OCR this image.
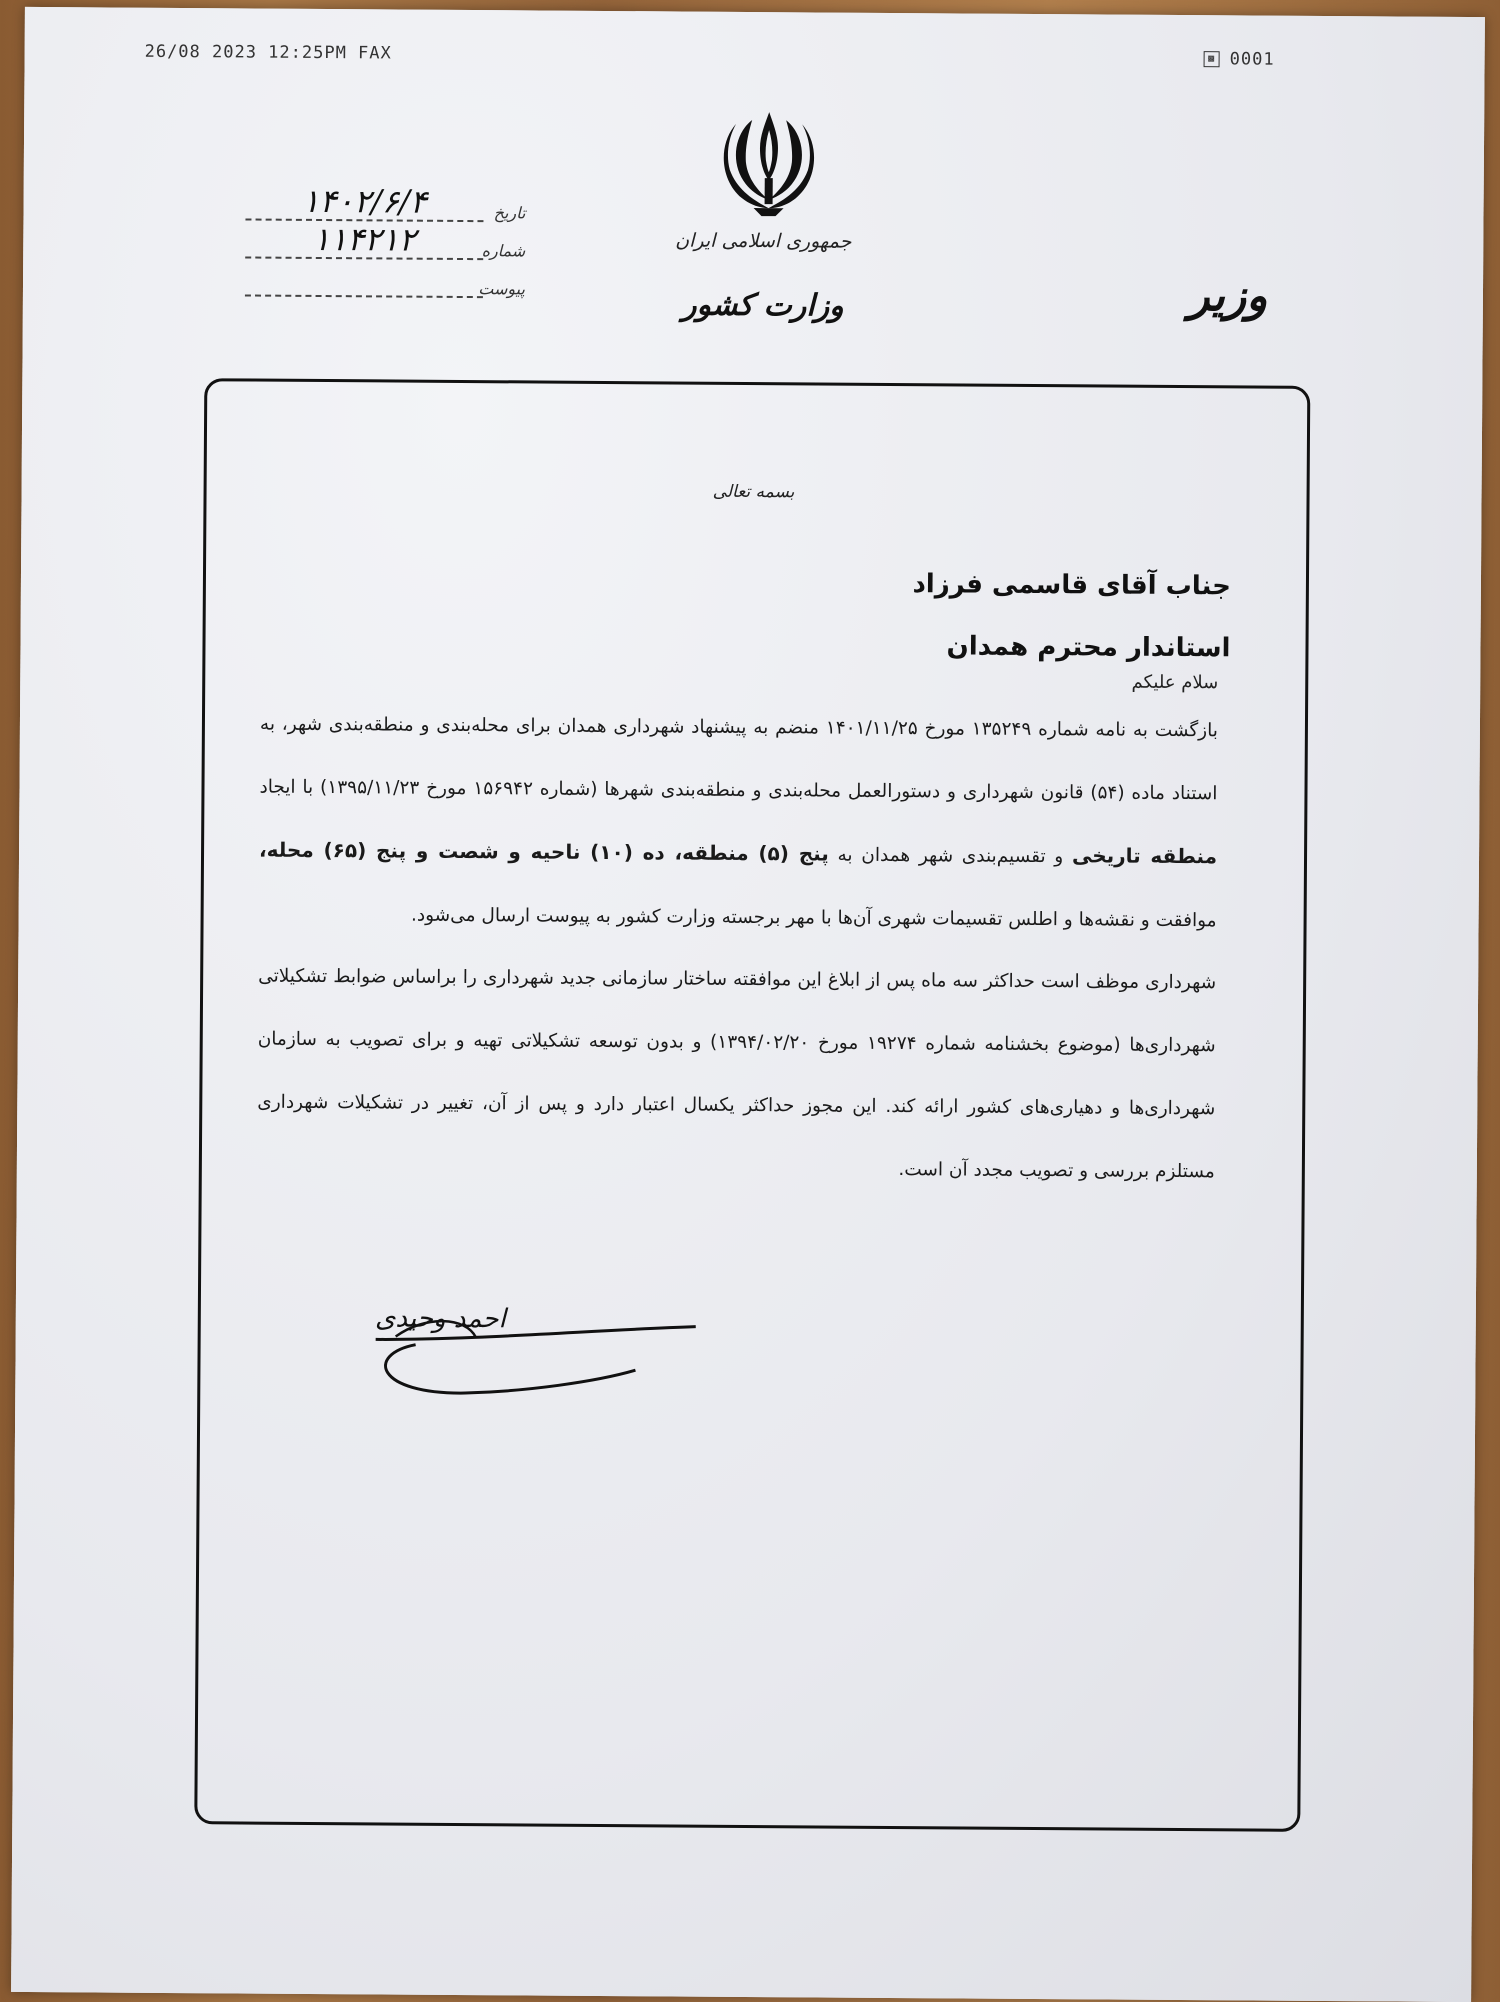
26/08 2023 12:25PM FAX	▩ 0001
جمهوری اسلامی ایران
وزارت کشور	وزیر
تاریخ
۱۴۰۲/۶/۴
شماره
۱۱۴۲۱۲
پیوست
بسمه تعالی
جناب آقای قاسمی فرزاد
استاندار محترم همدان
سلام علیکم
بازگشت به نامه شماره ۱۳۵۲۴۹ مورخ ۱۴۰۱/۱۱/۲۵ منضم به پیشنهاد شهرداری همدان برای محله‌بندی و منطقه‌بندی شهر، به استناد ماده (۵۴) قانون شهرداری و دستورالعمل محله‌بندی و منطقه‌بندی شهرها (شماره ۱۵۶۹۴۲ مورخ ۱۳۹۵/۱۱/۲۳) با ایجاد منطقه تاریخی و تقسیم‌بندی شهر همدان به پنج (۵) منطقه، ده (۱۰) ناحیه و شصت و پنج (۶۵) محله، موافقت و نقشه‌ها و اطلس تقسیمات شهری آن‌ها با مهر برجسته وزارت کشور به پیوست ارسال می‌شود.
شهرداری موظف است حداکثر سه ماه پس از ابلاغ این موافقته ساختار سازمانی جدید شهرداری را براساس ضوابط تشکیلاتی شهرداری‌ها (موضوع بخشنامه شماره ۱۹۲۷۴ مورخ ۱۳۹۴/۰۲/۲۰) و بدون توسعه تشکیلاتی تهیه و برای تصویب به سازمان شهرداری‌ها و دهیاری‌های کشور ارائه کند. این مجوز حداکثر یکسال اعتبار دارد و پس از آن، تغییر در تشکیلات شهرداری مستلزم بررسی و تصویب مجدد آن است.
احمد وحیدی
